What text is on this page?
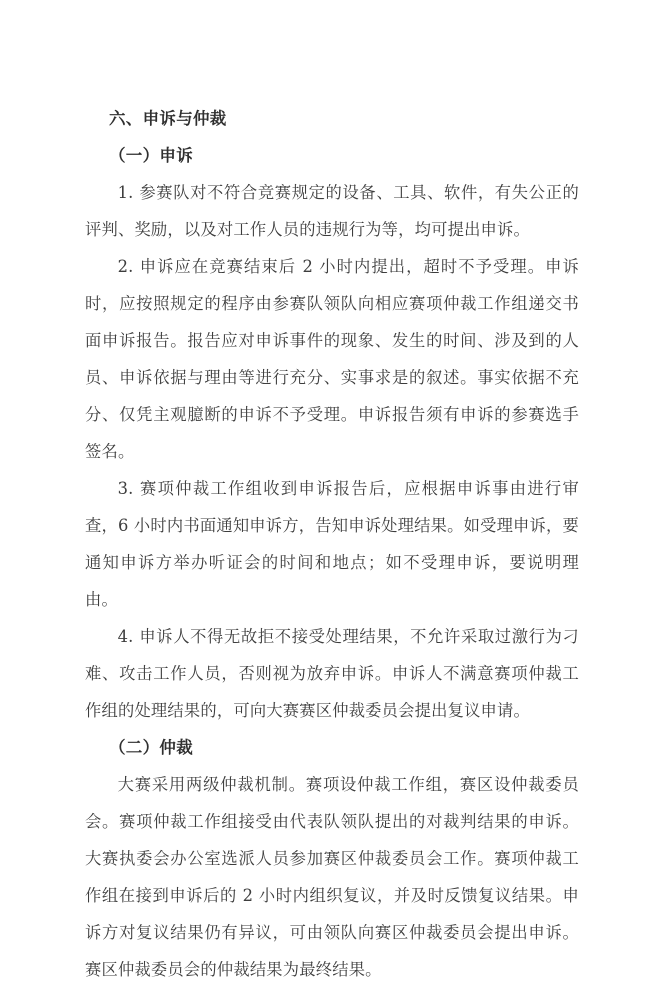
六、申诉与仲裁
（一）申诉

1. 参赛队对不符合竞赛规定的设备、工具、软件，有失公正的评判、奖励，以及对工作人员的违规行为等，均可提出申诉。

2. 申诉应在竞赛结束后 2 小时内提出，超时不予受理。申诉时，应按照规定的程序由参赛队领队向相应赛项仲裁工作组递交书面申诉报告。报告应对申诉事件的现象、发生的时间、涉及到的人员、申诉依据与理由等进行充分、实事求是的叙述。事实依据不充分、仅凭主观臆断的申诉不予受理。申诉报告须有申诉的参赛选手签名。

3. 赛项仲裁工作组收到申诉报告后，应根据申诉事由进行审查，6 小时内书面通知申诉方，告知申诉处理结果。如受理申诉，要通知申诉方举办听证会的时间和地点；如不受理申诉，要说明理由。

4. 申诉人不得无故拒不接受处理结果，不允许采取过激行为刁难、攻击工作人员，否则视为放弃申诉。申诉人不满意赛项仲裁工作组的处理结果的，可向大赛赛区仲裁委员会提出复议申请。

（二）仲裁

大赛采用两级仲裁机制。赛项设仲裁工作组，赛区设仲裁委员会。赛项仲裁工作组接受由代表队领队提出的对裁判结果的申诉。大赛执委会办公室选派人员参加赛区仲裁委员会工作。赛项仲裁工作组在接到申诉后的 2 小时内组织复议，并及时反馈复议结果。申诉方对复议结果仍有异议，可由领队向赛区仲裁委员会提出申诉。赛区仲裁委员会的仲裁结果为最终结果。
